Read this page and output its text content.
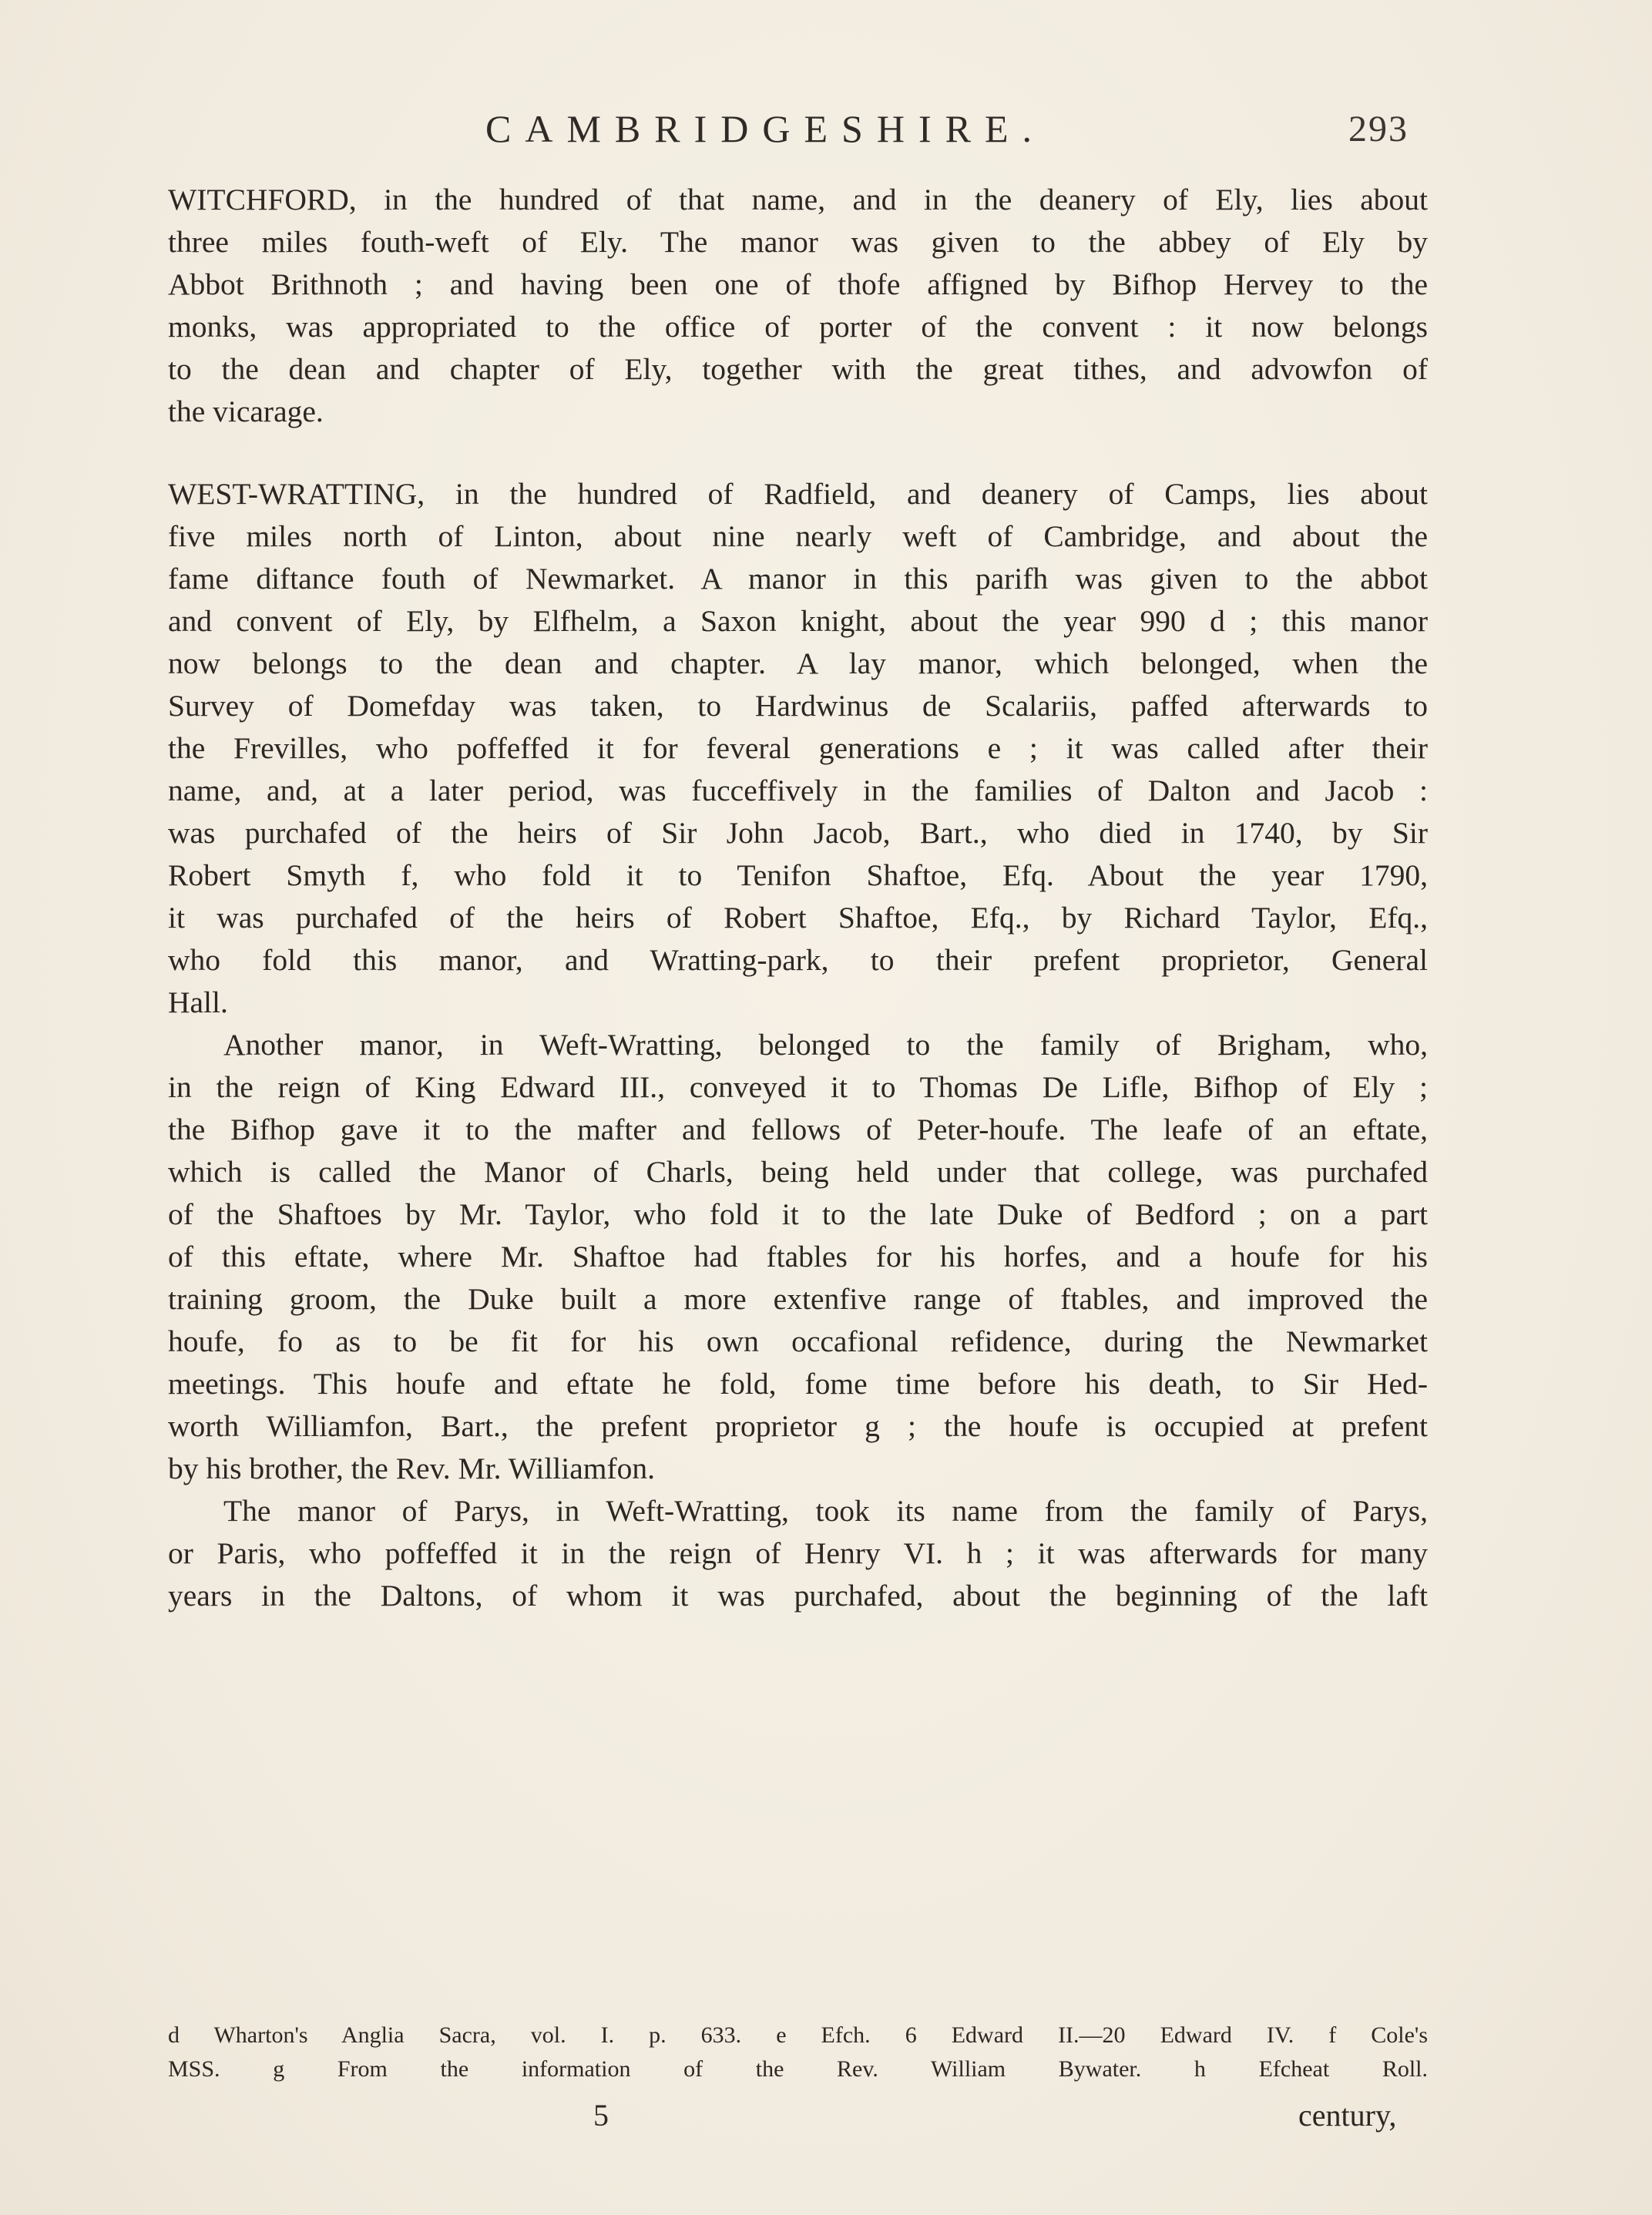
CAMBRIDGESHIRE.	293
WITCHFORD, in the hundred of that name, and in the deanery of Ely, lies about
three miles fouth-weft of Ely. The manor was given to the abbey of Ely by
Abbot Brithnoth ; and having been one of thofe affigned by Bifhop Hervey to the
monks, was appropriated to the office of porter of the convent : it now belongs
to the dean and chapter of Ely, together with the great tithes, and advowfon of
the vicarage.
WEST-WRATTING, in the hundred of Radfield, and deanery of Camps, lies about
five miles north of Linton, about nine nearly weft of Cambridge, and about the
fame diftance fouth of Newmarket. A manor in this parifh was given to the abbot
and convent of Ely, by Elfhelm, a Saxon knight, about the year 990 d ; this manor
now belongs to the dean and chapter. A lay manor, which belonged, when the
Survey of Domefday was taken, to Hardwinus de Scalariis, paffed afterwards to
the Frevilles, who poffeffed it for feveral generations e ; it was called after their
name, and, at a later period, was fucceffively in the families of Dalton and Jacob :
was purchafed of the heirs of Sir John Jacob, Bart., who died in 1740, by Sir
Robert Smyth f, who fold it to Tenifon Shaftoe, Efq. About the year 1790,
it was purchafed of the heirs of Robert Shaftoe, Efq., by Richard Taylor, Efq.,
who fold this manor, and Wratting-park, to their prefent proprietor, General
Hall.
Another manor, in Weft-Wratting, belonged to the family of Brigham, who,
in the reign of King Edward III., conveyed it to Thomas De Lifle, Bifhop of Ely ;
the Bifhop gave it to the mafter and fellows of Peter-houfe. The leafe of an eftate,
which is called the Manor of Charls, being held under that college, was purchafed
of the Shaftoes by Mr. Taylor, who fold it to the late Duke of Bedford ; on a part
of this eftate, where Mr. Shaftoe had ftables for his horfes, and a houfe for his
training groom, the Duke built a more extenfive range of ftables, and improved the
houfe, fo as to be fit for his own occafional refidence, during the Newmarket
meetings. This houfe and eftate he fold, fome time before his death, to Sir Hed-
worth Williamfon, Bart., the prefent proprietor g ; the houfe is occupied at prefent
by his brother, the Rev. Mr. Williamfon.
The manor of Parys, in Weft-Wratting, took its name from the family of Parys,
or Paris, who poffeffed it in the reign of Henry VI. h ; it was afterwards for many
years in the Daltons, of whom it was purchafed, about the beginning of the laft
d Wharton's Anglia Sacra, vol. I. p. 633. e Efch. 6 Edward II.—20 Edward IV. f Cole's
MSS. g From the information of the Rev. William Bywater. h Efcheat Roll.
5	century,
